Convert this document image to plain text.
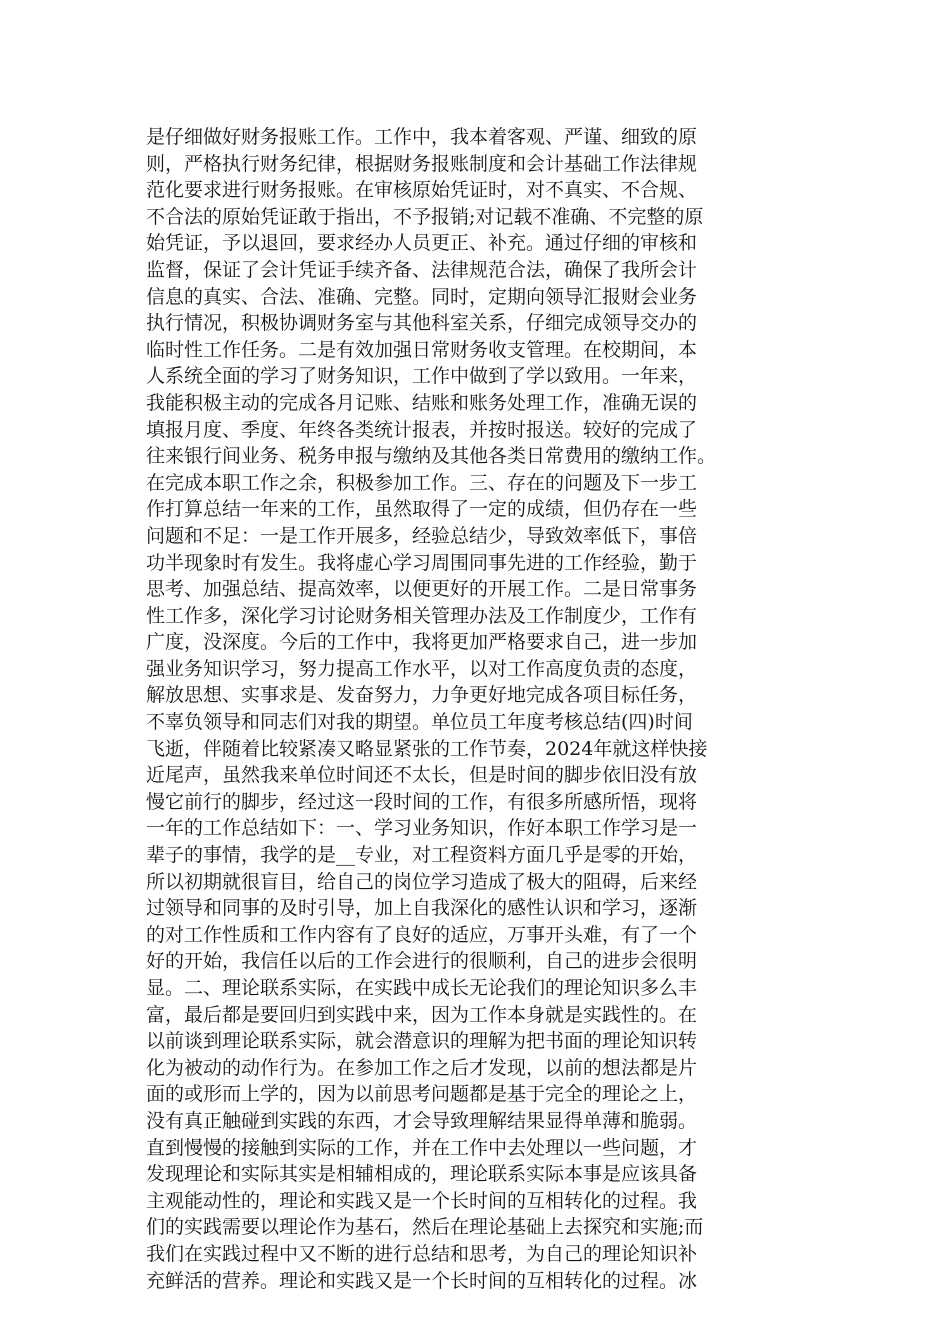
是仔细做好财务报账工作。工作中，我本着客观、严谨、细致的原
则，严格执行财务纪律，根据财务报账制度和会计基础工作法律规
范化要求进行财务报账。在审核原始凭证时，对不真实、不合规、
不合法的原始凭证敢于指出，不予报销;对记载不准确、不完整的原
始凭证，予以退回，要求经办人员更正、补充。通过仔细的审核和
监督，保证了会计凭证手续齐备、法律规范合法，确保了我所会计
信息的真实、合法、准确、完整。同时，定期向领导汇报财会业务
执行情况，积极协调财务室与其他科室关系，仔细完成领导交办的
临时性工作任务。二是有效加强日常财务收支管理。在校期间，本
人系统全面的学习了财务知识，工作中做到了学以致用。一年来，
我能积极主动的完成各月记账、结账和账务处理工作，准确无误的
填报月度、季度、年终各类统计报表，并按时报送。较好的完成了
往来银行间业务、税务申报与缴纳及其他各类日常费用的缴纳工作。
在完成本职工作之余，积极参加工作。三、存在的问题及下一步工
作打算总结一年来的工作，虽然取得了一定的成绩，但仍存在一些
问题和不足：一是工作开展多，经验总结少，导致效率低下，事倍
功半现象时有发生。我将虚心学习周围同事先进的工作经验，勤于
思考、加强总结、提高效率，以便更好的开展工作。二是日常事务
性工作多，深化学习讨论财务相关管理办法及工作制度少，工作有
广度，没深度。今后的工作中，我将更加严格要求自己，进一步加
强业务知识学习，努力提高工作水平，以对工作高度负责的态度，
解放思想、实事求是、发奋努力，力争更好地完成各项目标任务，
不辜负领导和同志们对我的期望。单位员工年度考核总结(四)时间
飞逝，伴随着比较紧凑又略显紧张的工作节奏，2024年就这样快接
近尾声，虽然我来单位时间还不太长，但是时间的脚步依旧没有放
慢它前行的脚步，经过这一段时间的工作，有很多所感所悟，现将
一年的工作总结如下：一、学习业务知识，作好本职工作学习是一
辈子的事情，我学的是__专业，对工程资料方面几乎是零的开始，
所以初期就很盲目，给自己的岗位学习造成了极大的阻碍，后来经
过领导和同事的及时引导，加上自我深化的感性认识和学习，逐渐
的对工作性质和工作内容有了良好的适应，万事开头难，有了一个
好的开始，我信任以后的工作会进行的很顺利，自己的进步会很明
显。二、理论联系实际，在实践中成长无论我们的理论知识多么丰
富，最后都是要回归到实践中来，因为工作本身就是实践性的。在
以前谈到理论联系实际，就会潜意识的理解为把书面的理论知识转
化为被动的动作行为。在参加工作之后才发现，以前的想法都是片
面的或形而上学的，因为以前思考问题都是基于完全的理论之上，
没有真正触碰到实践的东西，才会导致理解结果显得单薄和脆弱。
直到慢慢的接触到实际的工作，并在工作中去处理以一些问题，才
发现理论和实际其实是相辅相成的，理论联系实际本事是应该具备
主观能动性的，理论和实践又是一个长时间的互相转化的过程。我
们的实践需要以理论作为基石，然后在理论基础上去探究和实施;而
我们在实践过程中又不断的进行总结和思考，为自己的理论知识补
充鲜活的营养。理论和实践又是一个长时间的互相转化的过程。冰
